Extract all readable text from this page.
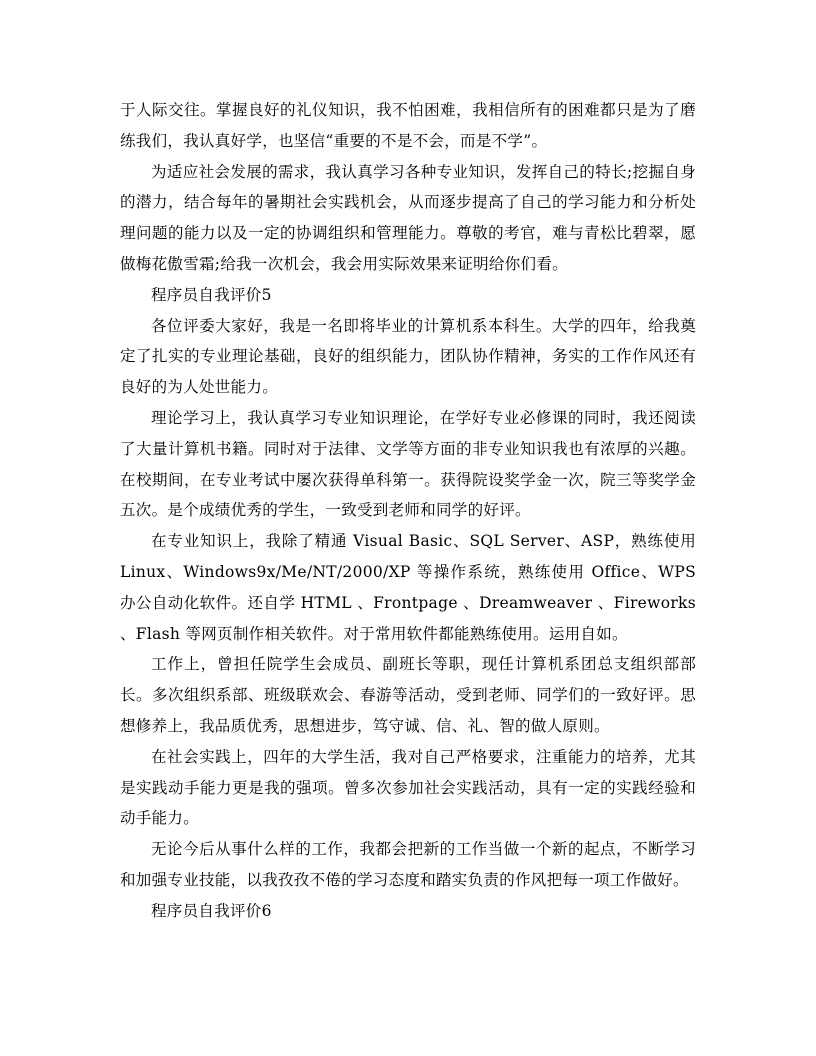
于人际交往。掌握良好的礼仪知识，我不怕困难，我相信所有的困难都只是为了磨练我们，我认真好学，也坚信“重要的不是不会，而是不学”。

为适应社会发展的需求，我认真学习各种专业知识，发挥自己的特长;挖掘自身的潜力，结合每年的暑期社会实践机会，从而逐步提高了自己的学习能力和分析处理问题的能力以及一定的协调组织和管理能力。尊敬的考官，难与青松比碧翠，愿做梅花傲雪霜;给我一次机会，我会用实际效果来证明给你们看。

程序员自我评价5

各位评委大家好，我是一名即将毕业的计算机系本科生。大学的四年，给我奠定了扎实的专业理论基础，良好的组织能力，团队协作精神，务实的工作作风还有良好的为人处世能力。

理论学习上，我认真学习专业知识理论，在学好专业必修课的同时，我还阅读了大量计算机书籍。同时对于法律、文学等方面的非专业知识我也有浓厚的兴趣。在校期间，在专业考试中屡次获得单科第一。获得院设奖学金一次，院三等奖学金五次。是个成绩优秀的学生，一致受到老师和同学的好评。

在专业知识上，我除了精通 Visual Basic、SQL Server、ASP，熟练使用Linux、Windows9x/Me/NT/2000/XP 等操作系统，熟练使用 Office、WPS 办公自动化软件。还自学 HTML 、Frontpage 、Dreamweaver 、Fireworks 、Flash 等网页制作相关软件。对于常用软件都能熟练使用。运用自如。

工作上，曾担任院学生会成员、副班长等职，现任计算机系团总支组织部部长。多次组织系部、班级联欢会、春游等活动，受到老师、同学们的一致好评。思想修养上，我品质优秀，思想进步，笃守诚、信、礼、智的做人原则。

在社会实践上，四年的大学生活，我对自己严格要求，注重能力的培养，尤其是实践动手能力更是我的强项。曾多次参加社会实践活动，具有一定的实践经验和动手能力。

无论今后从事什么样的工作，我都会把新的工作当做一个新的起点，不断学习和加强专业技能，以我孜孜不倦的学习态度和踏实负责的作风把每一项工作做好。

程序员自我评价6
